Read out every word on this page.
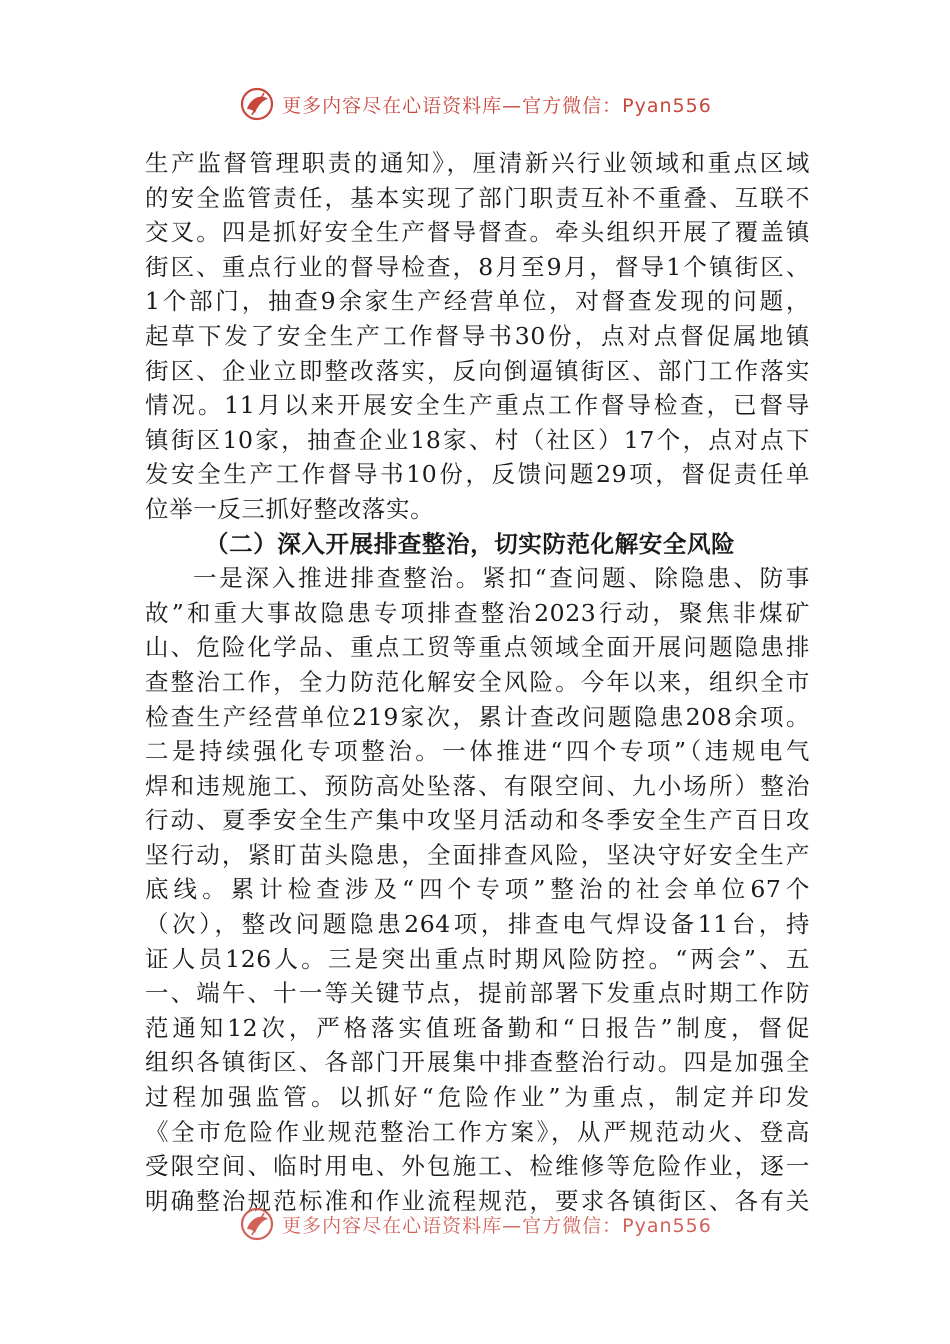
更多内容尽在心语资料库—官方微信：Pyan556
生产监督管理职责的通知》，厘清新兴行业领域和重点区域
的安全监管责任，基本实现了部门职责互补不重叠、互联不
交叉。四是抓好安全生产督导督查。牵头组织开展了覆盖镇
街区、重点行业的督导检查，8月至9月，督导1个镇街区、
1个部门，抽查9余家生产经营单位，对督查发现的问题，
起草下发了安全生产工作督导书30份，点对点督促属地镇
街区、企业立即整改落实，反向倒逼镇街区、部门工作落实
情况。11月以来开展安全生产重点工作督导检查，已督导
镇街区10家，抽查企业18家、村（社区）17个，点对点下
发安全生产工作督导书10份，反馈问题29项，督促责任单
位举一反三抓好整改落实。
（二）深入开展排查整治，切实防范化解安全风险
一是深入推进排查整治。紧扣“查问题、除隐患、防事
故”和重大事故隐患专项排查整治2023行动，聚焦非煤矿
山、危险化学品、重点工贸等重点领域全面开展问题隐患排
查整治工作，全力防范化解安全风险。今年以来，组织全市
检查生产经营单位219家次，累计查改问题隐患208余项。
二是持续强化专项整治。一体推进“四个专项”（违规电气
焊和违规施工、预防高处坠落、有限空间、九小场所）整治
行动、夏季安全生产集中攻坚月活动和冬季安全生产百日攻
坚行动，紧盯苗头隐患，全面排查风险，坚决守好安全生产
底线。累计检查涉及“四个专项”整治的社会单位67个
（次），整改问题隐患264项，排查电气焊设备11台，持
证人员126人。三是突出重点时期风险防控。“两会”、五
一、端午、十一等关键节点，提前部署下发重点时期工作防
范通知12次，严格落实值班备勤和“日报告”制度，督促
组织各镇街区、各部门开展集中排查整治行动。四是加强全
过程加强监管。以抓好“危险作业”为重点，制定并印发
《全市危险作业规范整治工作方案》，从严规范动火、登高
受限空间、临时用电、外包施工、检维修等危险作业，逐一
明确整治规范标准和作业流程规范，要求各镇街区、各有关
更多内容尽在心语资料库—官方微信：Pyan556
